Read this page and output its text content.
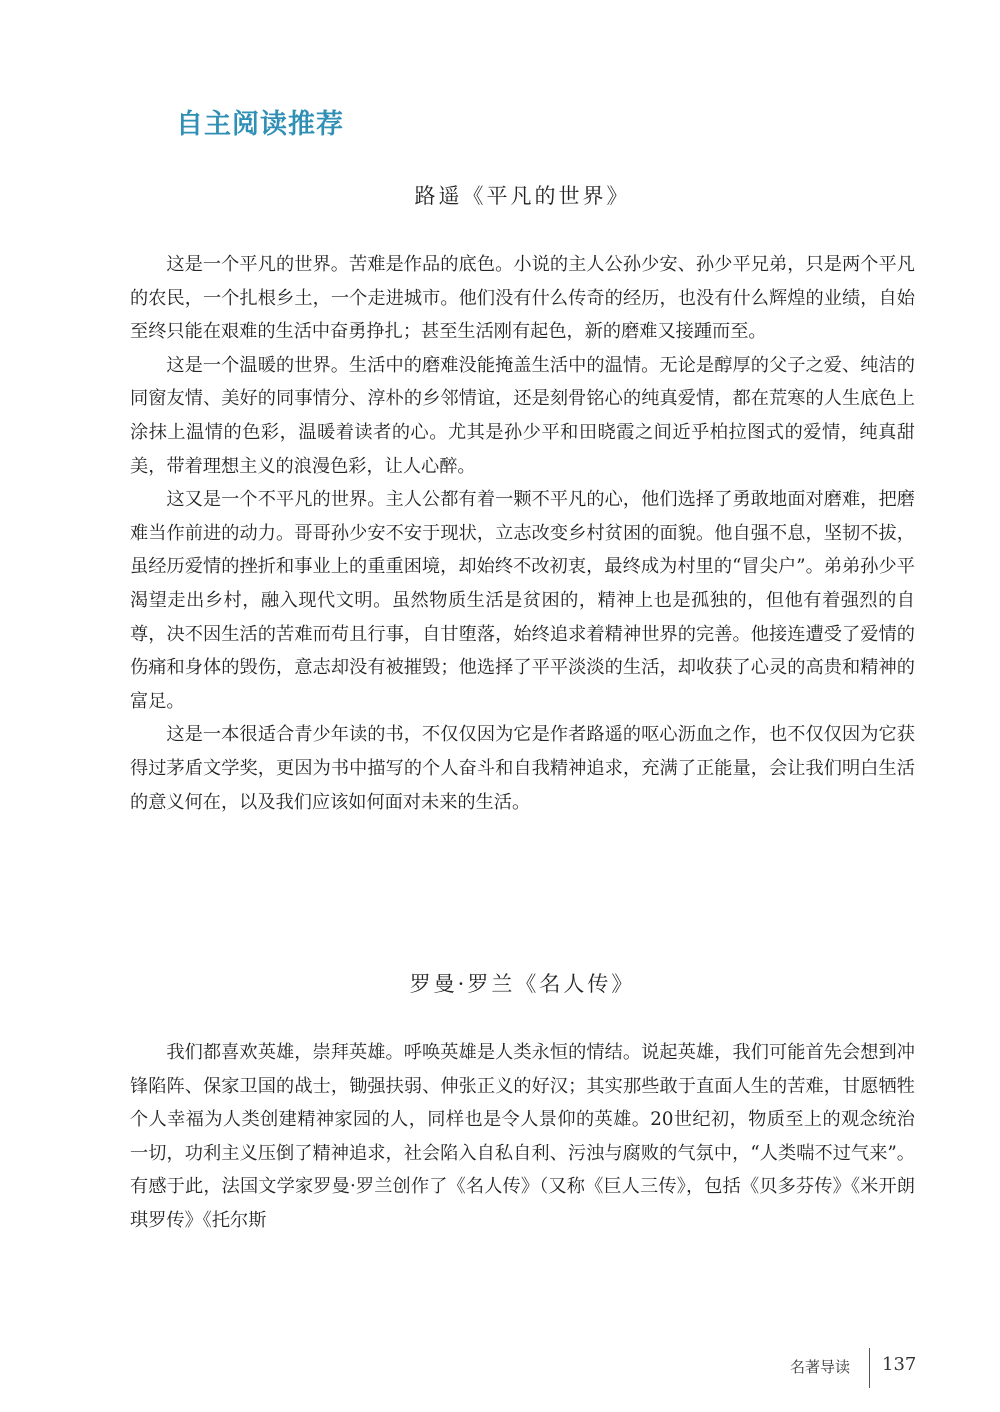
自主阅读推荐
路遥《平凡的世界》

这是一个平凡的世界。苦难是作品的底色。小说的主人公孙少安、孙少平兄弟，只是两个平凡的农民，一个扎根乡土，一个走进城市。他们没有什么传奇的经历，也没有什么辉煌的业绩，自始至终只能在艰难的生活中奋勇挣扎；甚至生活刚有起色，新的磨难又接踵而至。

这是一个温暖的世界。生活中的磨难没能掩盖生活中的温情。无论是醇厚的父子之爱、纯洁的同窗友情、美好的同事情分、淳朴的乡邻情谊，还是刻骨铭心的纯真爱情，都在荒寒的人生底色上涂抹上温情的色彩，温暖着读者的心。尤其是孙少平和田晓霞之间近乎柏拉图式的爱情，纯真甜美，带着理想主义的浪漫色彩，让人心醉。

这又是一个不平凡的世界。主人公都有着一颗不平凡的心，他们选择了勇敢地面对磨难，把磨难当作前进的动力。哥哥孙少安不安于现状，立志改变乡村贫困的面貌。他自强不息，坚韧不拔，虽经历爱情的挫折和事业上的重重困境，却始终不改初衷，最终成为村里的“冒尖户”。弟弟孙少平渴望走出乡村，融入现代文明。虽然物质生活是贫困的，精神上也是孤独的，但他有着强烈的自尊，决不因生活的苦难而苟且行事，自甘堕落，始终追求着精神世界的完善。他接连遭受了爱情的伤痛和身体的毁伤，意志却没有被摧毁；他选择了平平淡淡的生活，却收获了心灵的高贵和精神的富足。

这是一本很适合青少年读的书，不仅仅因为它是作者路遥的呕心沥血之作，也不仅仅因为它获得过茅盾文学奖，更因为书中描写的个人奋斗和自我精神追求，充满了正能量，会让我们明白生活的意义何在，以及我们应该如何面对未来的生活。

罗曼·罗兰《名人传》

我们都喜欢英雄，崇拜英雄。呼唤英雄是人类永恒的情结。说起英雄，我们可能首先会想到冲锋陷阵、保家卫国的战士，锄强扶弱、伸张正义的好汉；其实那些敢于直面人生的苦难，甘愿牺牲个人幸福为人类创建精神家园的人，同样也是令人景仰的英雄。20世纪初，物质至上的观念统治一切，功利主义压倒了精神追求，社会陷入自私自利、污浊与腐败的气氛中，“人类喘不过气来”。有感于此，法国文学家罗曼·罗兰创作了《名人传》（又称《巨人三传》，包括《贝多芬传》《米开朗琪罗传》《托尔斯

名著导读 137
